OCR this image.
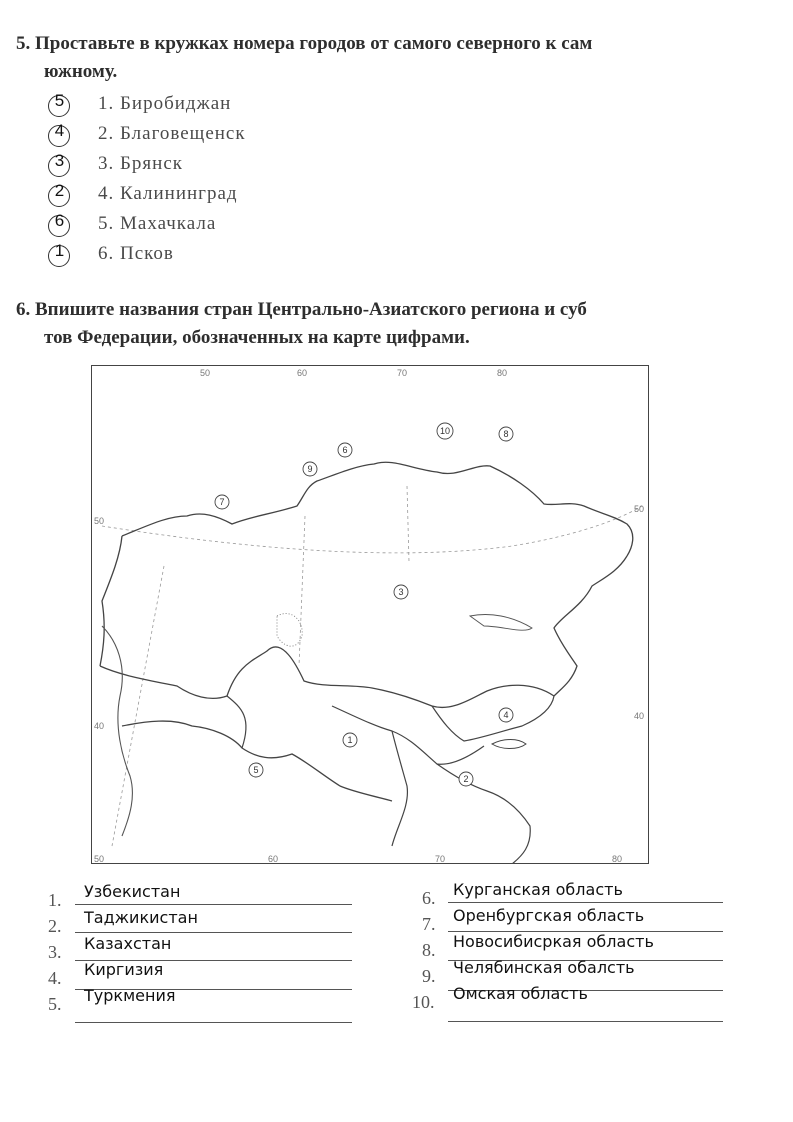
5. Проставьте в кружках номера городов от самого северного к сам
южному.
5 1. Биробиджан
4 2. Благовещенск
3 3. Брянск
2 4. Калининград
6 5. Махачкала
1 6. Псков
6. Впишите названия стран Центрально-Азиатского региона и суб
тов Федерации, обозначенных на карте цифрами.
50	60	70	80
50	60	70	80
50
40
50
40
1
2
3
4
5
6
7
8
9
10
1. Узбекистан
2. Таджикистан
3. Казахстан
4. Киргизия
5. Туркмения
6. Курганская область
7. Оренбургская область
8. Новосибисркая область
9. Челябинская обалсть
10. Омская область
